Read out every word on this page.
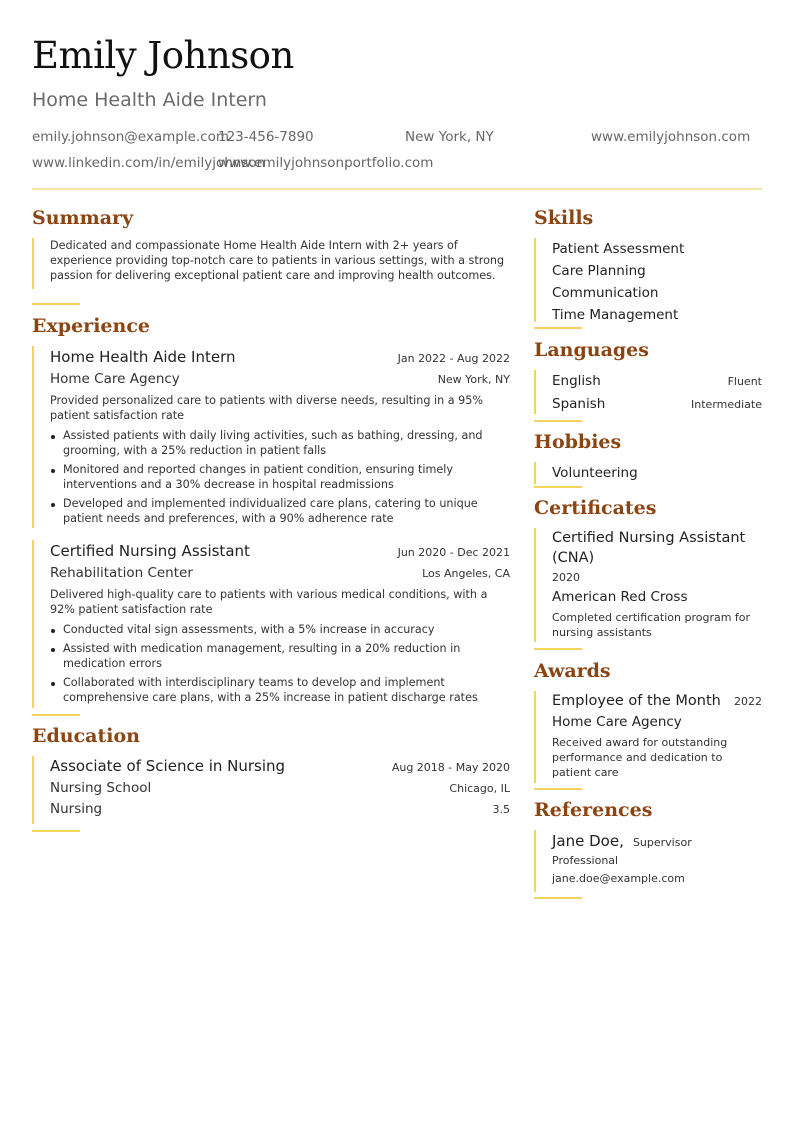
Emily Johnson
Home Health Aide Intern
emily.johnson@example.com
123-456-7890	New York, NY	www.emilyjohnson.com
www.linkedin.com/in/emilyjohnson
www.emilyjohnsonportfolio.com
Summary

Dedicated and compassionate Home Health Aide Intern with 2+ years of experience providing top-notch care to patients in various settings, with a strong passion for delivering exceptional patient care and improving health outcomes.

Experience
Home Health Aide Intern	Jan 2022 - Aug 2022
Home Care Agency	New York, NY

Provided personalized care to patients with diverse needs, resulting in a 95% patient satisfaction rate

Assisted patients with daily living activities, such as bathing, dressing, and grooming, with a 25% reduction in patient falls
Monitored and reported changes in patient condition, ensuring timely interventions and a 30% decrease in hospital readmissions
Developed and implemented individualized care plans, catering to unique patient needs and preferences, with a 90% adherence rate
Certified Nursing Assistant	Jun 2020 - Dec 2021
Rehabilitation Center	Los Angeles, CA

Delivered high-quality care to patients with various medical conditions, with a 92% patient satisfaction rate

Conducted vital sign assessments, with a 5% increase in accuracy
Assisted with medication management, resulting in a 20% reduction in medication errors
Collaborated with interdisciplinary teams to develop and implement comprehensive care plans, with a 25% increase in patient discharge rates
Education
Associate of Science in Nursing	Aug 2018 - May 2020
Nursing School	Chicago, IL
Nursing	3.5
Skills
Patient Assessment
Care Planning
Communication
Time Management
Languages
English	Fluent
Spanish	Intermediate
Hobbies
Volunteering
Certificates
Certified Nursing Assistant (CNA)
2020
American Red Cross
Completed certification program for nursing assistants
Awards
Employee of the Month 2022
Home Care Agency
Received award for outstanding performance and dedication to patient care
References
Jane Doe, Supervisor
Professional
jane.doe@example.com
